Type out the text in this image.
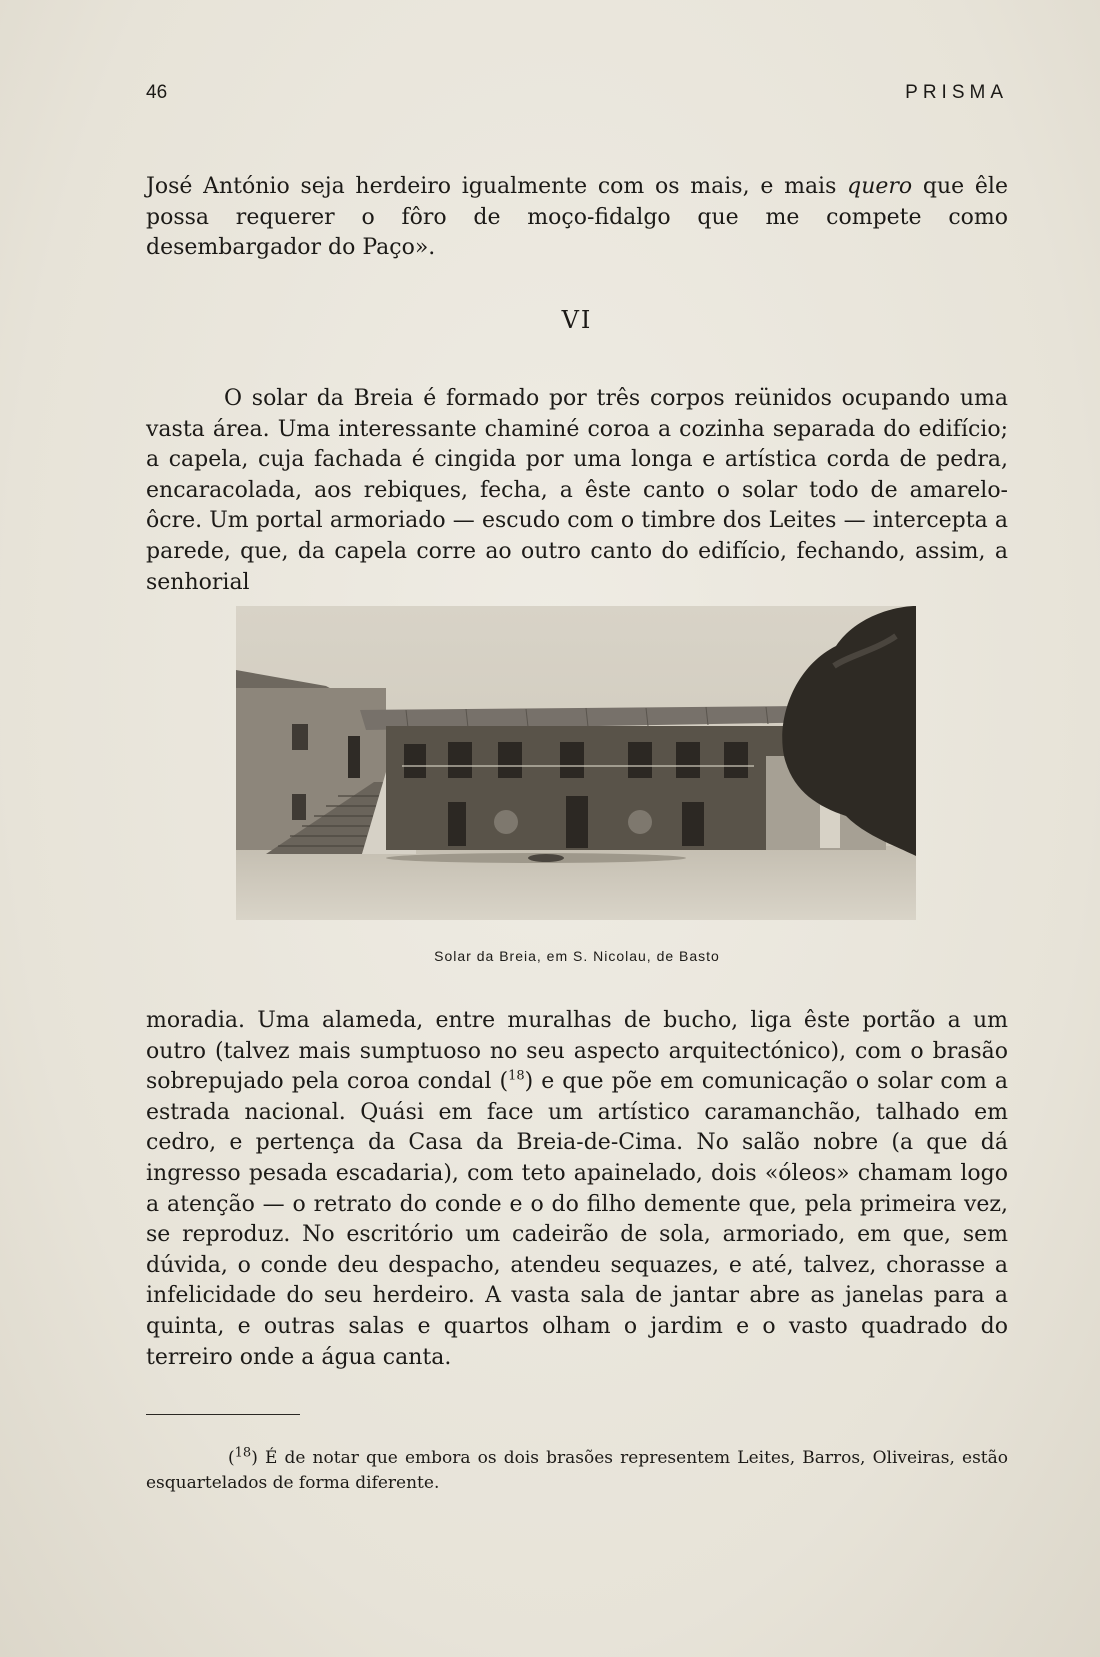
46	PRISMA

José António seja herdeiro igualmente com os mais, e mais quero que êle possa requerer o fôro de moço-fidalgo que me compete como desembargador do Paço».

VI

O solar da Breia é formado por três corpos reünidos ocupando uma vasta área. Uma interessante chaminé coroa a cozinha separada do edifício; a capela, cuja fachada é cingida por uma longa e artística corda de pedra, encaracolada, aos rebiques, fecha, a êste canto o solar todo de amarelo-ôcre. Um portal armoriado — escudo com o timbre dos Leites — intercepta a parede, que, da capela corre ao outro canto do edifício, fechando, assim, a senhorial

Solar da Breia, em S. Nicolau, de Basto

moradia. Uma alameda, entre muralhas de bucho, liga êste portão a um outro (talvez mais sumptuoso no seu aspecto arquitectónico), com o brasão sobrepujado pela coroa condal ($^{18}$) e que põe em comunicação o solar com a estrada nacional. Quási em face um artístico caramanchão, talhado em cedro, e pertença da Casa da Breia-de-Cima. No salão nobre (a que dá ingresso pesada escadaria), com teto apainelado, dois «óleos» chamam logo a atenção — o retrato do conde e o do filho demente que, pela primeira vez, se reproduz. No escritório um cadeirão de sola, armoriado, em que, sem dúvida, o conde deu despacho, atendeu sequazes, e até, talvez, chorasse a infelicidade do seu herdeiro. A vasta sala de jantar abre as janelas para a quinta, e outras salas e quartos olham o jardim e o vasto quadrado do terreiro onde a água canta.

($^{18}$) É de notar que embora os dois brasões representem Leites, Barros, Oliveiras, estão esquartelados de forma diferente.
